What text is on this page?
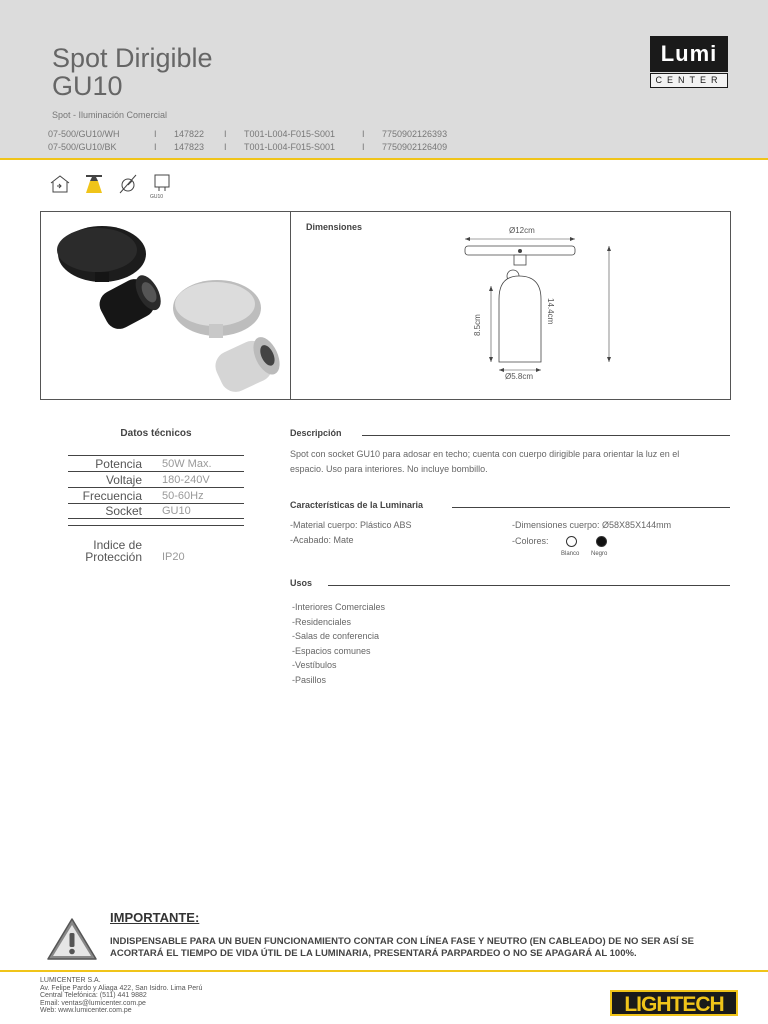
Spot Dirigible
GU10
Spot - Iluminación Comercial
07-500/GU10/WH	I	147822	I	T001-L004-F015-S001	I	7750902126393
07-500/GU10/BK	I	147823	I	T001-L004-F015-S001	I	7750902126409
Lumi
CENTER
GU10
Dimensiones	Ø12cm
14.4cm
8.5cm
Ø5.8cm
Datos técnicos
Potencia	50W Max.
Voltaje	180-240V
Frecuencia	50-60Hz
Socket	GU10
Indice de
Protección	IP20
Descripción
Spot con socket GU10 para adosar en techo; cuenta con cuerpo dirigible para orientar la luz en el
espacio. Uso para interiores. No incluye bombillo.
Características de la Luminaria
-Material cuerpo: Plástico ABS
-Acabado: Mate
-Dimensiones cuerpo: Ø58X85X144mm
-Colores:
Blanco Negro
Usos
-Interiores Comerciales
-Residenciales
-Salas de conferencia
-Espacios comunes
-Vestíbulos
-Pasillos
IMPORTANTE:
INDISPENSABLE PARA UN BUEN FUNCIONAMIENTO CONTAR CON LÍNEA FASE Y NEUTRO (EN CABLEADO) DE NO SER ASÍ SE
ACORTARÁ EL TIEMPO DE VIDA ÚTIL DE LA LUMINARIA, PRESENTARÁ PARPARDEO O NO SE APAGARÁ AL 100%.
LUMICENTER S.A.
Av. Felipe Pardo y Aliaga 422, San Isidro. Lima Perú
Central Telefónica: (511) 441 9882
Email: ventas@lumicenter.com.pe
Web: www.lumicenter.com.pe	LIGHTECH
